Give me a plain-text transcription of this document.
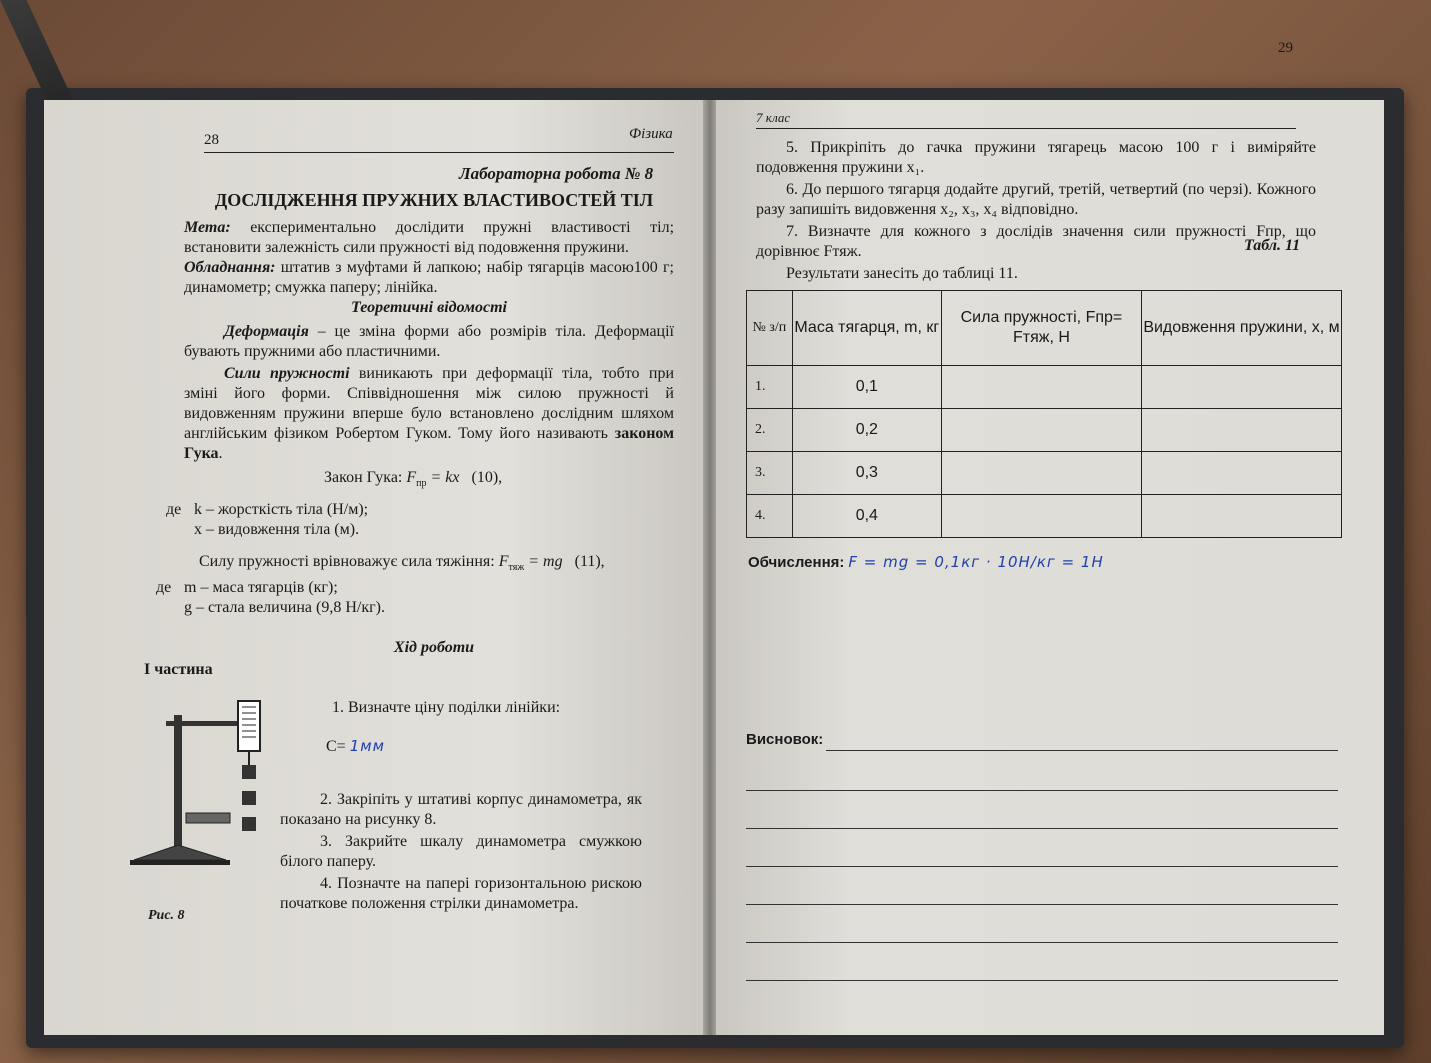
28	Фізика
Лабораторна робота № 8
ДОСЛІДЖЕННЯ ПРУЖНИХ ВЛАСТИВОСТЕЙ ТІЛ
Мета: експериментально дослідити пружні властивості тіл; встановити залежність сили пружності від подовження пружини.
Обладнання: штатив з муфтами й лапкою; набір тягарців масою100 г; динамометр; смужка паперу; лінійка.
Теоретичні відомості
Деформація – це зміна форми або розмірів тіла. Деформації бувають пружними або пластичними.
Сили пружності виникають при деформації тіла, тобто при зміні його форми. Співвідношення між силою пружності й видовженням пружини вперше було встановлено дослідним шляхом англійським фізиком Робертом Гуком. Тому його називають законом Гука.
Закон Гука: $F_{пр}$ = kx (10),
де k – жорсткість тіла (Н/м);
x – видовження тіла (м).
Силу пружності врівноважує сила тяжіння: $F_{тяж}$ = mg (11),
де m – маса тягарців (кг);
g – стала величина (9,8 Н/кг).
Хід роботи
І частина
1. Визначте ціну поділки лінійки:
С= 1мм
2. Закріпіть у штативі корпус динамометра, як показано на рисунку 8.
3. Закрийте шкалу динамометра смужкою білого паперу.
4. Позначте на папері горизонтальною рискою початкове положення стрілки динамометра.
Рис. 8
7 клас
5. Прикріпіть до гачка пружини тягарець масою 100 г і виміряйте подовження пружини x₁.
6. До першого тягарця додайте другий, третій, четвертий (по черзі). Кожного разу запишіть видовження x₂, x₃, x₄ відповідно.
7. Визначте для кожного з дослідів значення сили пружності Fпр, що дорівнює Fтяж.
Результати занесіть до таблиці 11.
Табл. 11
№ з/п	Маса тягарця, m, кг	Сила пружності, Fпр= Fтяж, Н	Видовження пружини, x, м
1.	0,1		
2.	0,2		
3.	0,3		
4.	0,4		
Обчислення: F = mg = 0,1кг · 10Н/кг = 1Н
Висновок:
29
